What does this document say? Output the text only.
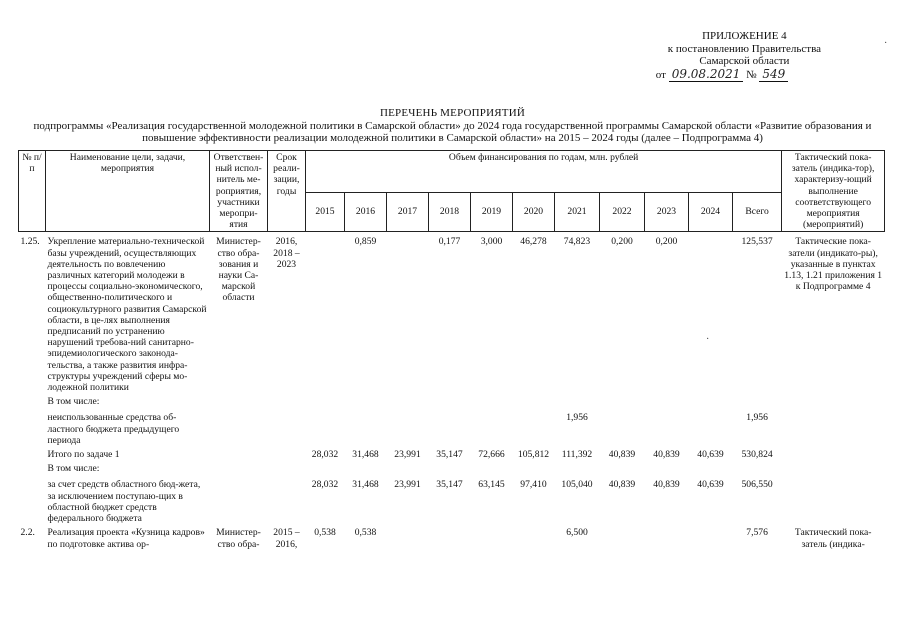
ПРИЛОЖЕНИЕ 4
к постановлению Правительства
Самарской области
от 09.08.2021 № 549
ПЕРЕЧЕНЬ МЕРОПРИЯТИЙ
подпрограммы «Реализация государственной молодежной политики в Самарской области» до 2024 года государственной программы Самарской области «Развитие образования и
повышение эффективности реализации молодежной политики в Самарской области» на 2015 – 2024 годы (далее – Подпрограмма 4)
·
·
№ п/п	Наименование цели, задачи, мероприятия	Ответствен-ный испол-нитель ме-роприятия, участники меропри-ятия	Срок реали-зации, годы	Объем финансирования по годам, млн. рублей											Тактический пока-затель (индика-тор), характеризу-ющий выполнение соответствующего мероприятия (мероприятий)
				2015	2016	2017	2018	2019	2020	2021	2022	2023	2024	Всего	
1.25.	Укрепление материально-технической базы учреждений, осуществляющих деятельность по вовлечению различных категорий молодежи в процессы социально-экономического, общественно-политического и социокультурного развития Самарской области, в це-лях выполнения предписаний по устранению нарушений требова-ний санитарно-эпидемиологического законода-тельства, а также развития инфра-структуры учреждений сферы мо-лодежной политики	Министер-ство обра-зования и науки Са-марской области	2016, 2018 – 2023		0,859		0,177	3,000	46,278	74,823	0,200	0,200		125,537	Тактические пока-затели (индикато-ры), указанные в пунктах 1.13, 1.21 приложения 1 к Подпрограмме 4
	В том числе:														
	неиспользованные средства об-ластного бюджета предыдущего периода									1,956				1,956	
	Итого по задаче 1			28,032	31,468	23,991	35,147	72,666	105,812	111,392	40,839	40,839	40,639	530,824	
	В том числе:														
	за счет средств областного бюд-жета, за исключением поступаю-щих в областной бюджет средств федерального бюджета			28,032	31,468	23,991	35,147	63,145	97,410	105,040	40,839	40,839	40,639	506,550	
2.2.	Реализация проекта «Кузница кадров» по подготовке актива ор-	Министер-ство обра-	2015 – 2016,	0,538	0,538					6,500				7,576	Тактический пока-затель (индика-
